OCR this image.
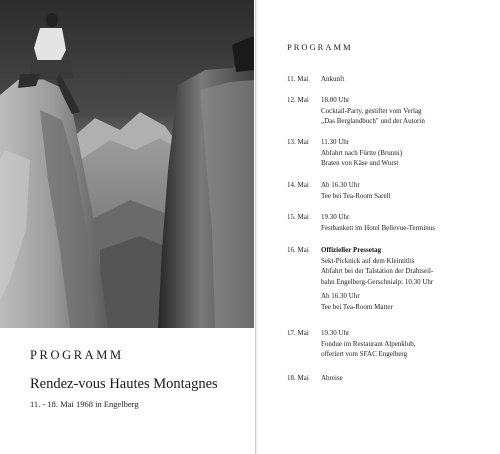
PROGRAMM
Rendez-vous Hautes Montagnes
11. - 18. Mai 1968 in Engelberg
PROGRAMM
11. Mai	Ankunft
12. Mai	18.00 Uhr
Cocktail-Party, gestiftet vom Verlag
„Das Berglandbuch" und der Autorin
13. Mai	11.30 Uhr
Abfahrt nach Fürtte (Brunni)
Braten von Käse und Wurst
14. Mai	Ab 16.30 Uhr
Tee bei Tea-Room Sarell
15. Mai	19.30 Uhr
Festbankett im Hotel Bellevue-Terminus
16. Mai	Offizieller Pressetag
Sekt-Picknick auf dem Kleintitlis
Abfahrt bei der Talstation der Drahtseil-
bahn Engelberg-Gerschnialp: 10.30 Uhr
Ab 16.30 Uhr
Tee bei Tea-Room Matter
17. Mai	19.30 Uhr
Fondue im Restaurant Alpenklub,
offeriert vom SFAC Engelberg
18. Mai	Abreise
